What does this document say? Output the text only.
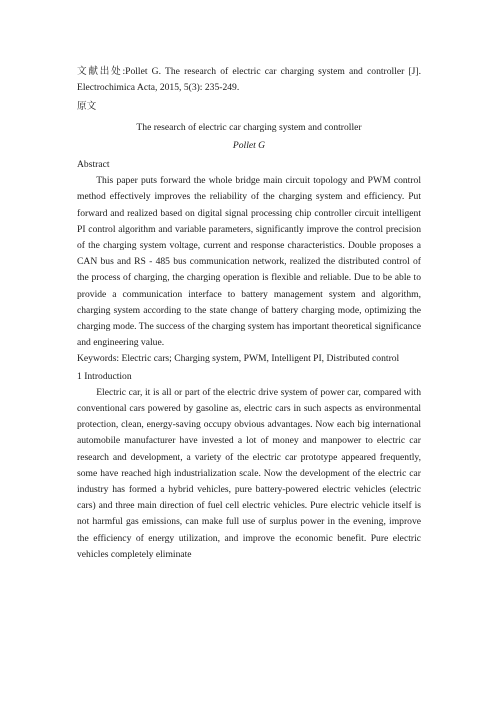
文献出处:Pollet G. The research of electric car charging system and controller [J]. Electrochimica Acta, 2015, 5(3): 235-249.
原文
The research of electric car charging system and controller
Pollet G
Abstract

This paper puts forward the whole bridge main circuit topology and PWM control method effectively improves the reliability of the charging system and efficiency. Put forward and realized based on digital signal processing chip controller circuit intelligent PI control algorithm and variable parameters, significantly improve the control precision of the charging system voltage, current and response characteristics. Double proposes a CAN bus and RS - 485 bus communication network, realized the distributed control of the process of charging, the charging operation is flexible and reliable. Due to be able to provide a communication interface to battery management system and algorithm, charging system according to the state change of battery charging mode, optimizing the charging mode. The success of the charging system has important theoretical significance and engineering value.

Keywords: Electric cars; Charging system, PWM, Intelligent PI, Distributed control

1 Introduction

Electric car, it is all or part of the electric drive system of power car, compared with conventional cars powered by gasoline as, electric cars in such aspects as environmental protection, clean, energy-saving occupy obvious advantages. Now each big international automobile manufacturer have invested a lot of money and manpower to electric car research and development, a variety of the electric car prototype appeared frequently, some have reached high industrialization scale. Now the development of the electric car industry has formed a hybrid vehicles, pure battery-powered electric vehicles (electric cars) and three main direction of fuel cell electric vehicles. Pure electric vehicle itself is not harmful gas emissions, can make full use of surplus power in the evening, improve the efficiency of energy utilization, and improve the economic benefit. Pure electric vehicles completely eliminate
